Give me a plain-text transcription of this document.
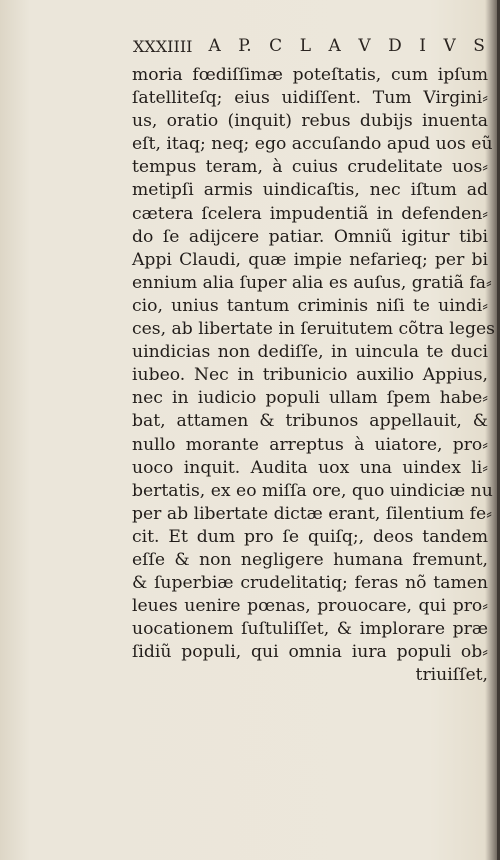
XXXIIII A P. C L A V D I V S
moria fœdiſſimæ poteſtatis, cum ipſum
ſatelliteſq; eius uidiſſent. Tum Virgini⸗
us, oratio (inquit) rebus dubijs inuenta
eſt, itaq; neq; ego accuſando apud uos eũ
tempus teram, à cuius crudelitate uos⸗
metipſi armis uindicaſtis, nec iſtum ad
cætera ſcelera impudentiã in defenden⸗
do ſe adijcere patiar. Omniũ igitur tibi
Appi Claudi, quæ impie nefarieq; per bi
ennium alia ſuper alia es auſus, gratiã fa⸗
cio, unius tantum criminis niſi te uindi⸗
ces, ab libertate in ſeruitutem cõtra leges
uindicias non dediſſe, in uincula te duci
iubeo. Nec in tribunicio auxilio Appius,
nec in iudicio populi ullam ſpem habe⸗
bat, attamen & tribunos appellauit, &
nullo morante arreptus à uiatore, pro⸗
uoco inquit. Audita uox una uindex li⸗
bertatis, ex eo miſſa ore, quo uindiciæ nu
per ab libertate dictæ erant, ſilentium fe⸗
cit. Et dum pro ſe quiſq;, deos tandem
eſſe & non negligere humana fremunt,
& ſuperbiæ crudelitatiq; feras nõ tamen
leues uenire pœnas, prouocare, qui pro⸗
uocationem ſuſtuliſſet, & implorare præ
ſidiũ populi, qui omnia iura populi ob⸗
triuiſſet,
